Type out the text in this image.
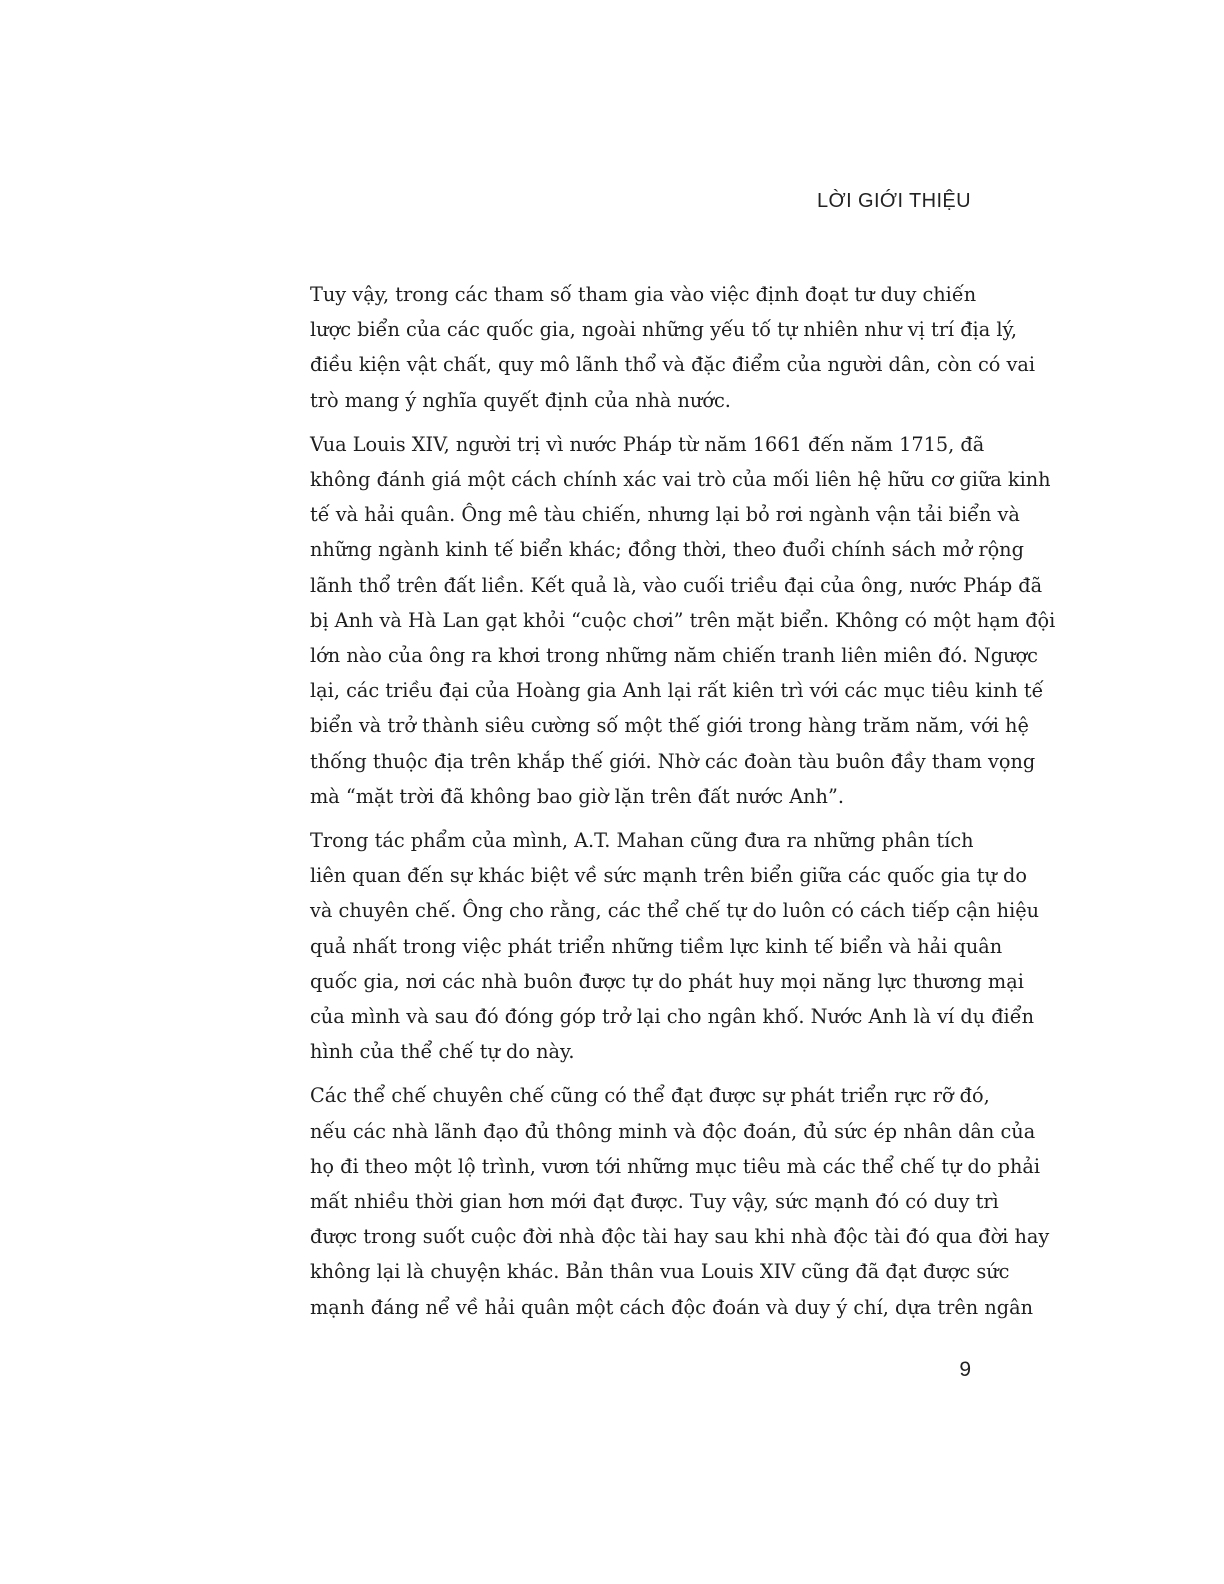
LỜI GIỚI THIỆU

Tuy vậy, trong các tham số tham gia vào việc định đoạt tư duy chiến
lược biển của các quốc gia, ngoài những yếu tố tự nhiên như vị trí địa lý,
điều kiện vật chất, quy mô lãnh thổ và đặc điểm của người dân, còn có vai
trò mang ý nghĩa quyết định của nhà nước.

Vua Louis XIV, người trị vì nước Pháp từ năm 1661 đến năm 1715, đã
không đánh giá một cách chính xác vai trò của mối liên hệ hữu cơ giữa kinh
tế và hải quân. Ông mê tàu chiến, nhưng lại bỏ rơi ngành vận tải biển và
những ngành kinh tế biển khác; đồng thời, theo đuổi chính sách mở rộng
lãnh thổ trên đất liền. Kết quả là, vào cuối triều đại của ông, nước Pháp đã
bị Anh và Hà Lan gạt khỏi “cuộc chơi” trên mặt biển. Không có một hạm đội
lớn nào của ông ra khơi trong những năm chiến tranh liên miên đó. Ngược
lại, các triều đại của Hoàng gia Anh lại rất kiên trì với các mục tiêu kinh tế
biển và trở thành siêu cường số một thế giới trong hàng trăm năm, với hệ
thống thuộc địa trên khắp thế giới. Nhờ các đoàn tàu buôn đầy tham vọng
mà “mặt trời đã không bao giờ lặn trên đất nước Anh”.

Trong tác phẩm của mình, A.T. Mahan cũng đưa ra những phân tích
liên quan đến sự khác biệt về sức mạnh trên biển giữa các quốc gia tự do
và chuyên chế. Ông cho rằng, các thể chế tự do luôn có cách tiếp cận hiệu
quả nhất trong việc phát triển những tiềm lực kinh tế biển và hải quân
quốc gia, nơi các nhà buôn được tự do phát huy mọi năng lực thương mại
của mình và sau đó đóng góp trở lại cho ngân khố. Nước Anh là ví dụ điển
hình của thể chế tự do này.

Các thể chế chuyên chế cũng có thể đạt được sự phát triển rực rỡ đó,
nếu các nhà lãnh đạo đủ thông minh và độc đoán, đủ sức ép nhân dân của
họ đi theo một lộ trình, vươn tới những mục tiêu mà các thể chế tự do phải
mất nhiều thời gian hơn mới đạt được. Tuy vậy, sức mạnh đó có duy trì
được trong suốt cuộc đời nhà độc tài hay sau khi nhà độc tài đó qua đời hay
không lại là chuyện khác. Bản thân vua Louis XIV cũng đã đạt được sức
mạnh đáng nể về hải quân một cách độc đoán và duy ý chí, dựa trên ngân

9
